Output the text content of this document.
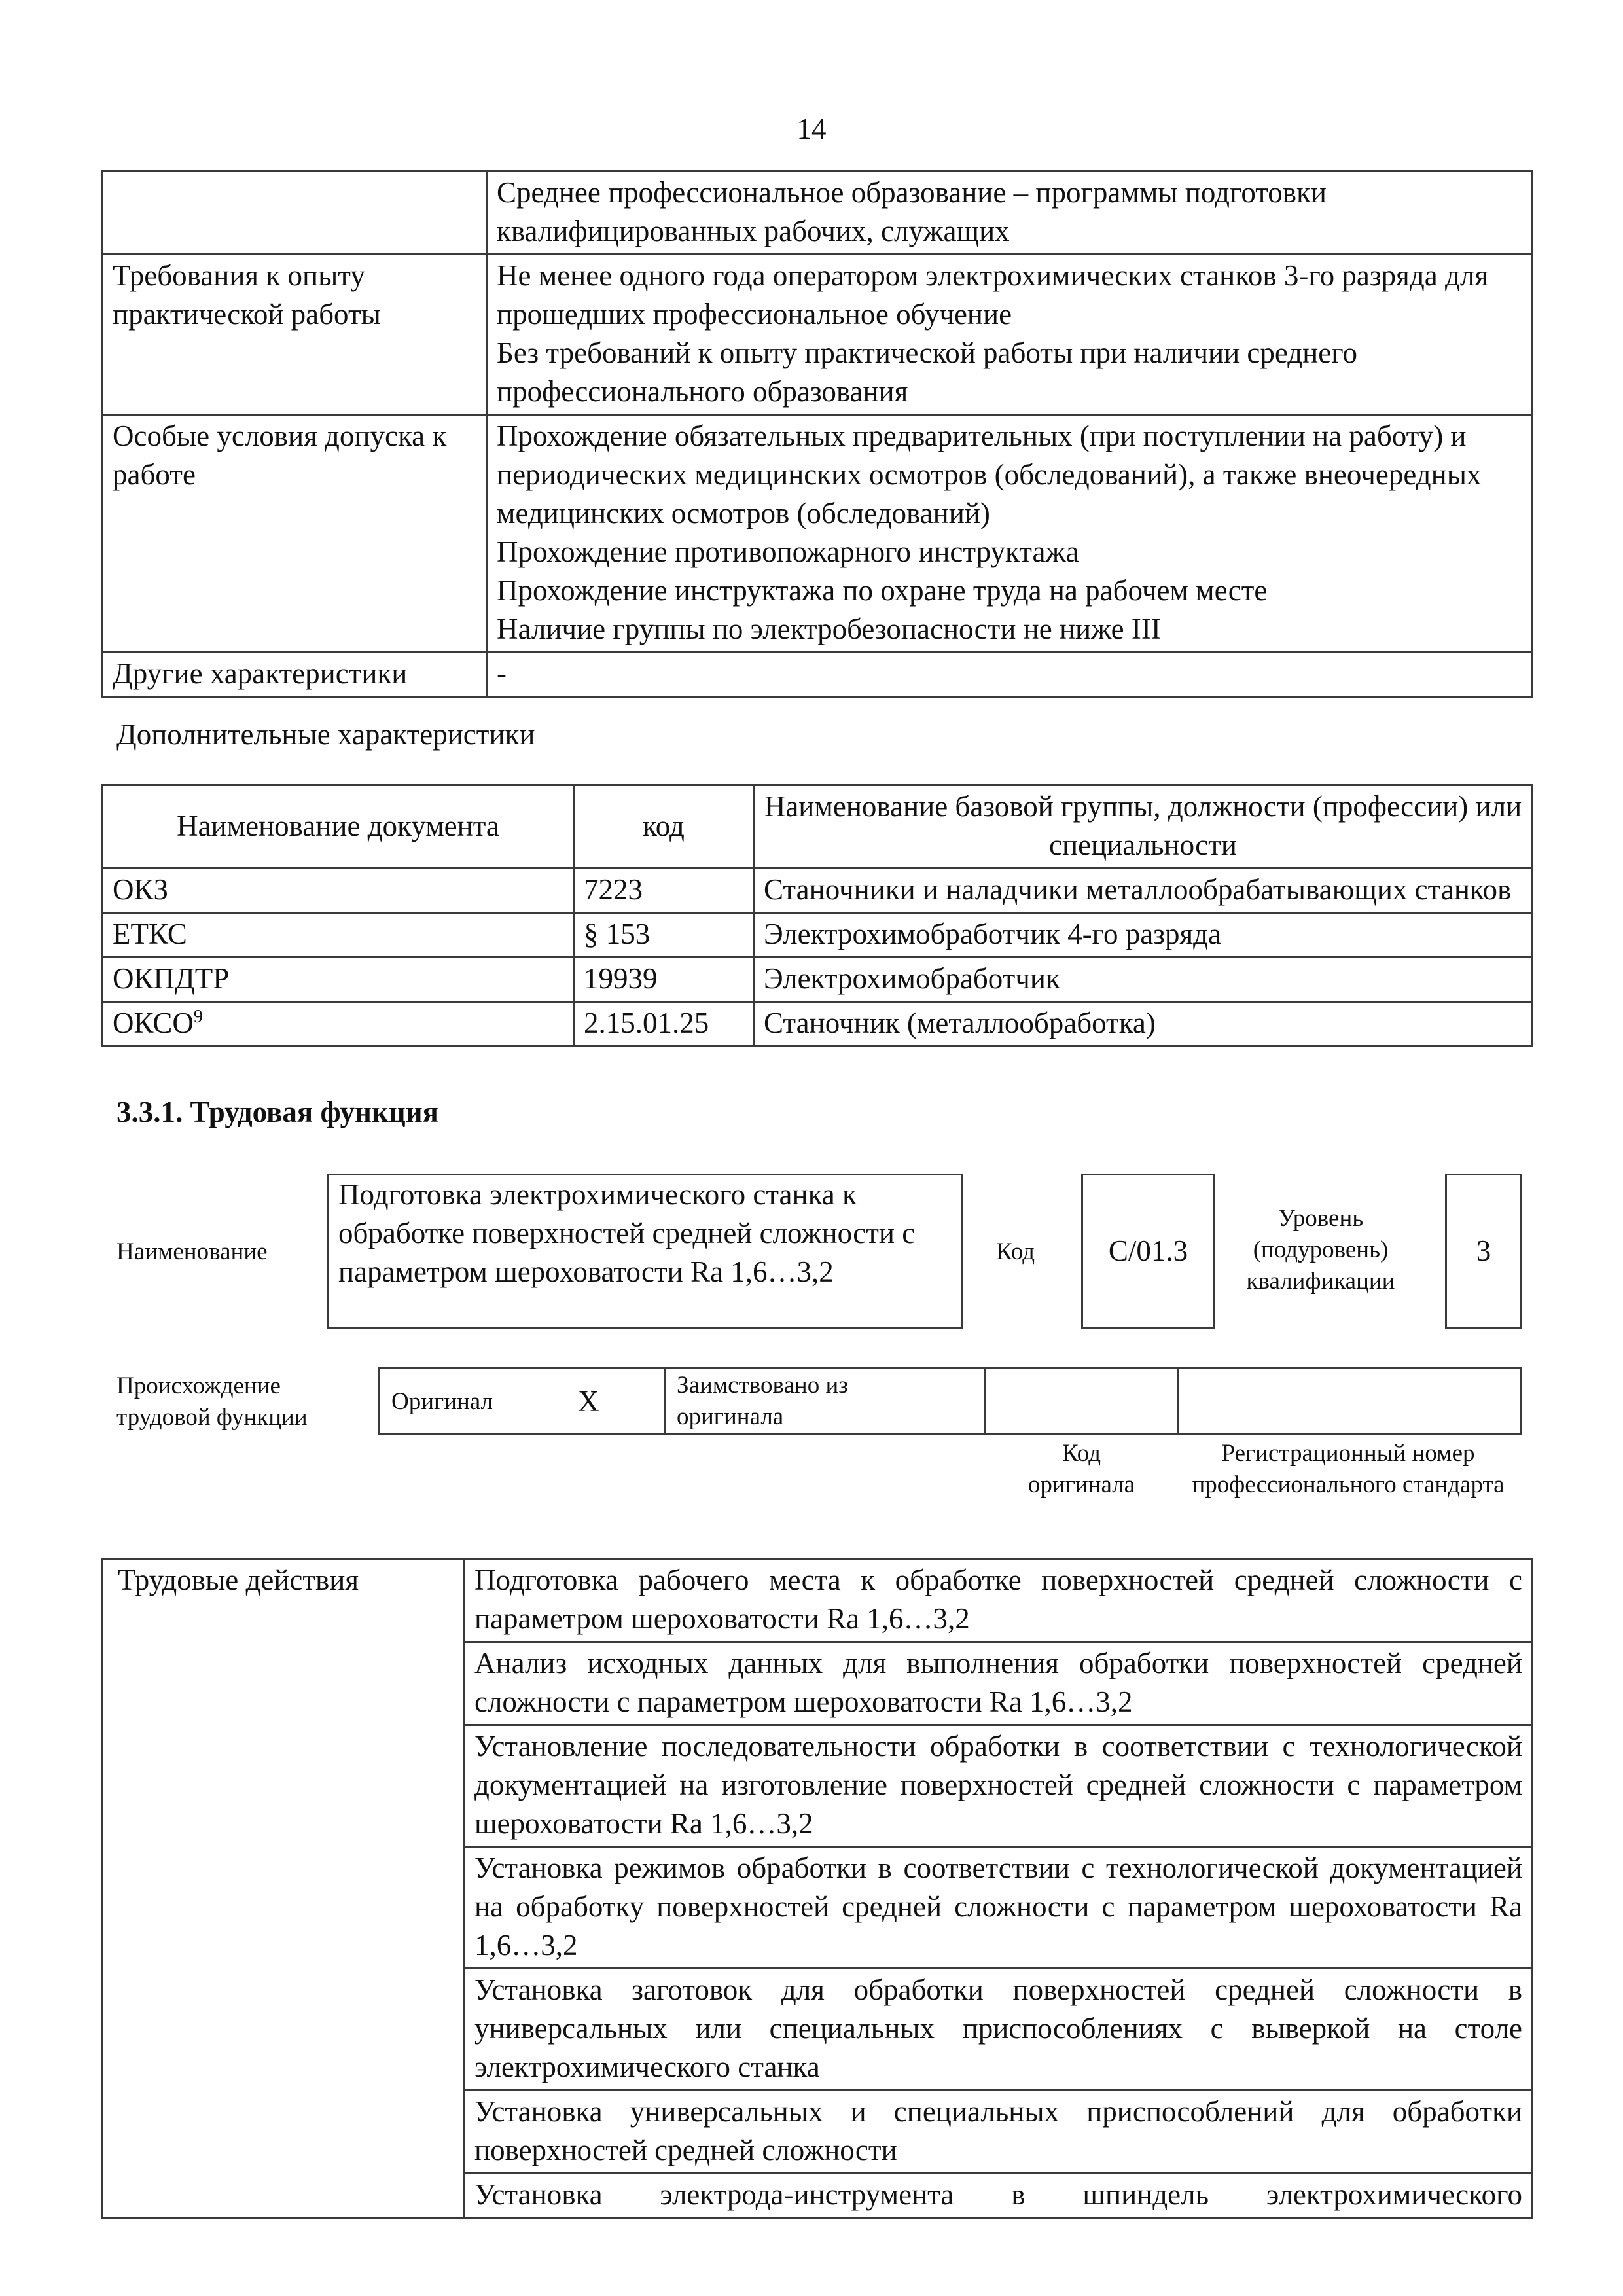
14

	Среднее профессиональное образование – программы подготовки квалифицированных рабочих, служащих

Требования к опыту практической работы	Не менее одного года оператором электрохимических станков 3-го разряда для прошедших профессиональное обучение
Без требований к опыту практической работы при наличии среднего профессионального образования

Особые условия допуска к работе	Прохождение обязательных предварительных (при поступлении на работу) и периодических медицинских осмотров (обследований), а также внеочередных медицинских осмотров (обследований)
Прохождение противопожарного инструктажа
Прохождение инструктажа по охране труда на рабочем месте
Наличие группы по электробезопасности не ниже III

Другие характеристики	-
Дополнительные характеристики
Наименование документа	код	Наименование базовой группы, должности (профессии) или специальности
ОКЗ	7223	Станочники и наладчики металлообрабатывающих станков
ЕТКС	§ 153	Электрохимобработчик 4-го разряда
ОКПДТР	19939	Электрохимобработчик
ОКСО$^9$	2.15.01.25	Станочник (металлообработка)
3.3.1. Трудовая функция
Наименование
Подготовка электрохимического станка к обработке поверхностей средней сложности с параметром шероховатости Ra 1,6…3,2
Код	C/01.3
Уровень (подуровень) квалификации
3
Происхождение трудовой функции
Оригинал	X	Заимствовано из оригинала
Код оригинала
Регистрационный номер профессионального стандарта
Трудовые действия	Подготовка рабочего места к обработке поверхностей средней сложности с параметром шероховатости Ra 1,6…3,2
Анализ исходных данных для выполнения обработки поверхностей средней сложности с параметром шероховатости Ra 1,6…3,2
Установление последовательности обработки в соответствии с технологической документацией на изготовление поверхностей средней сложности с параметром шероховатости Ra 1,6…3,2
Установка режимов обработки в соответствии с технологической документацией на обработку поверхностей средней сложности с параметром шероховатости Ra 1,6…3,2
Установка заготовок для обработки поверхностей средней сложности в универсальных или специальных приспособлениях с выверкой на столе электрохимического станка
Установка универсальных и специальных приспособлений для обработки поверхностей средней сложности
Установка электрода-инструмента в шпиндель электрохимического
